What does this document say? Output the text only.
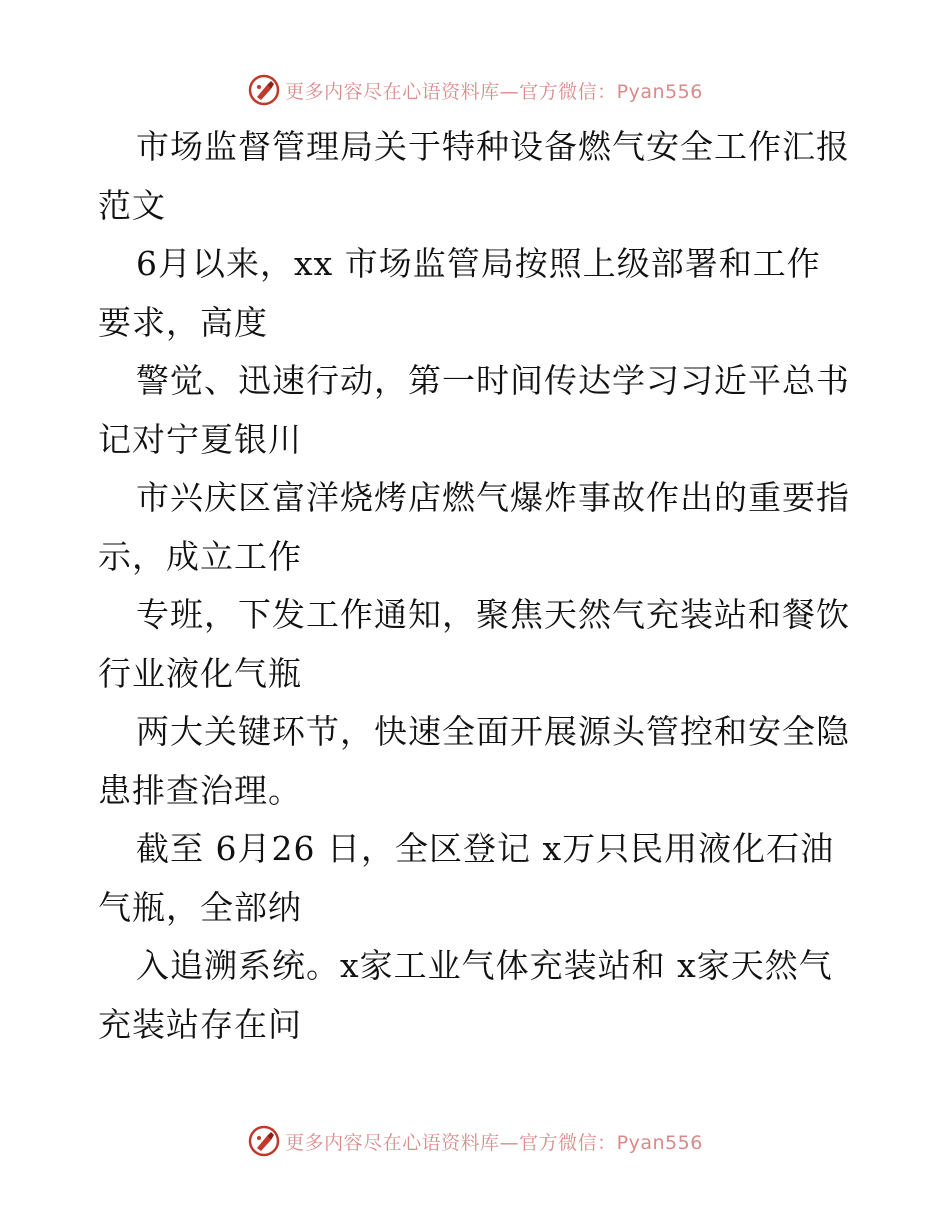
更多内容尽在心语资料库—官方微信：Pyan556
市场监督管理局关于特种设备燃气安全工作汇报
范文
6月以来，xx 市场监管局按照上级部署和工作
要求，高度
警觉、迅速行动，第一时间传达学习习近平总书
记对宁夏银川
市兴庆区富洋烧烤店燃气爆炸事故作出的重要指
示，成立工作
专班，下发工作通知，聚焦天然气充装站和餐饮
行业液化气瓶
两大关键环节，快速全面开展源头管控和安全隐
患排查治理。
截至 6月26 日，全区登记 x万只民用液化石油
气瓶，全部纳
入追溯系统。x家工业气体充装站和 x家天然气
充装站存在问
更多内容尽在心语资料库—官方微信：Pyan556
